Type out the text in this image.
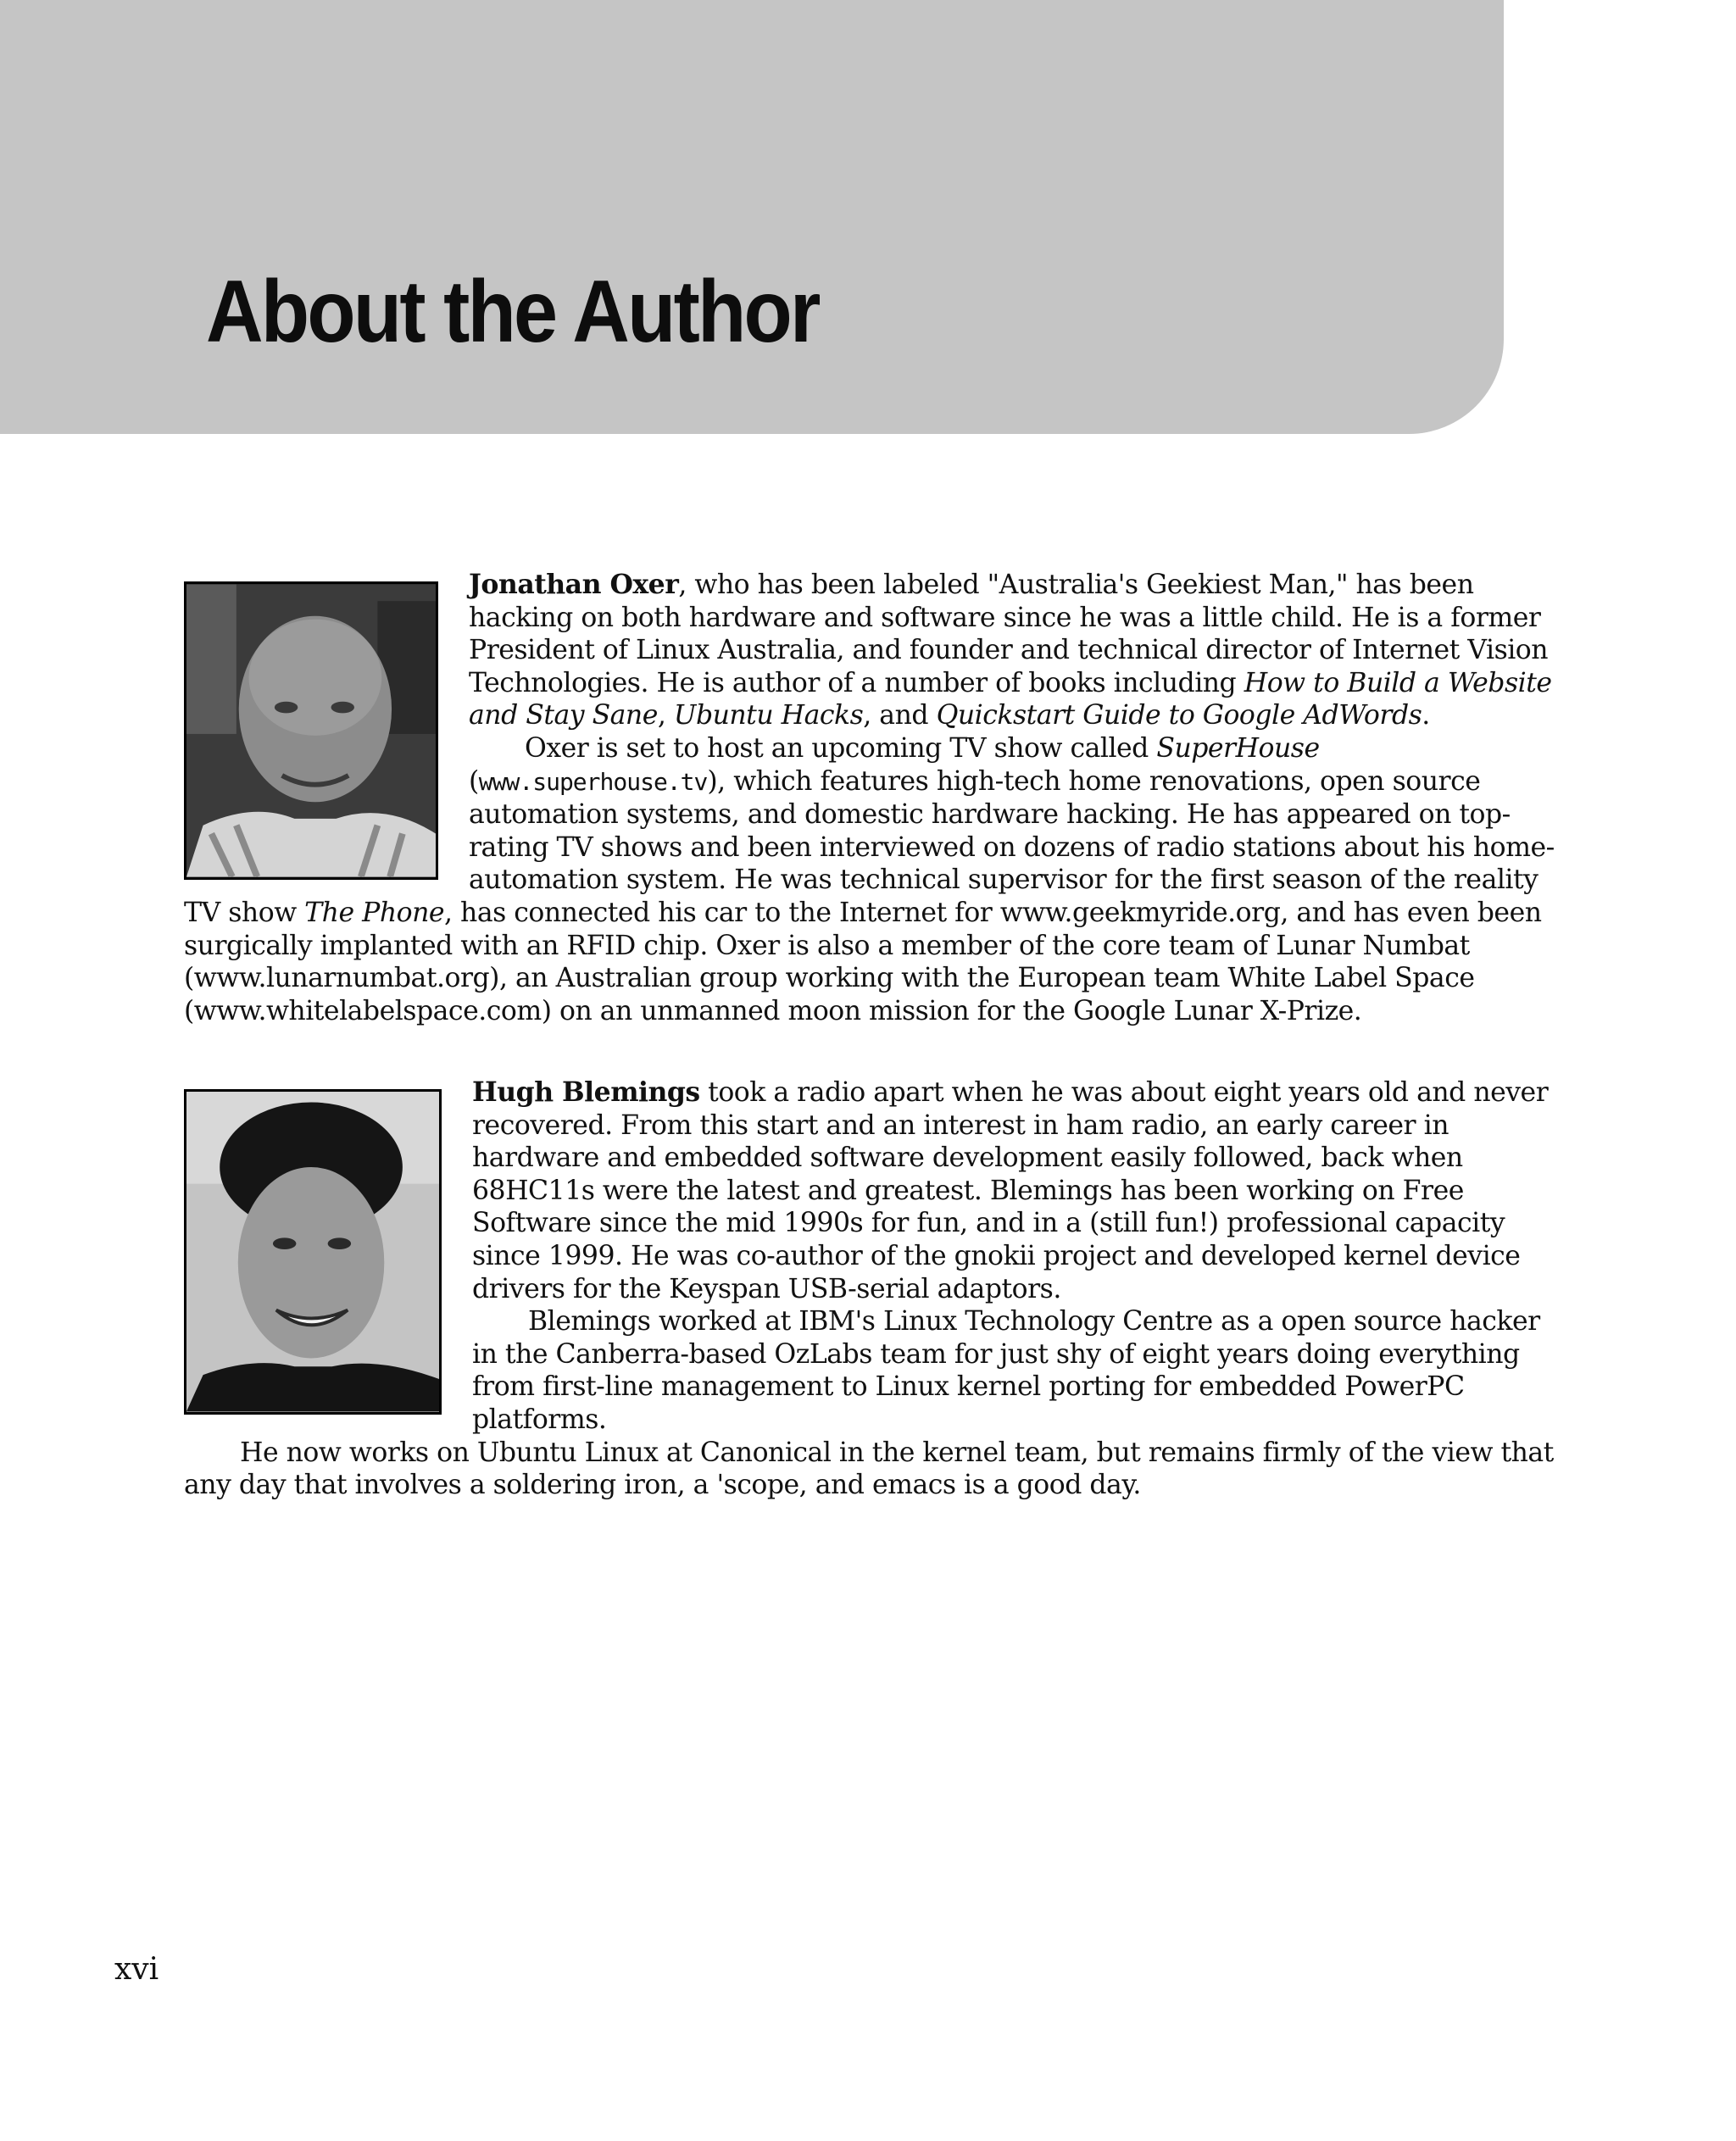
About the Author

Jonathan Oxer, who has been labeled "Australia's Geekiest Man," has been hacking on both hardware and software since he was a little child. He is a former President of Linux Australia, and founder and technical director of Internet Vision Technologies. He is author of a number of books including How to Build a Website and Stay Sane, Ubuntu Hacks, and Quickstart Guide to Google AdWords.

Oxer is set to host an upcoming TV show called SuperHouse (www.superhouse.tv), which features high-tech home renovations, open source automation systems, and domestic hardware hacking. He has appeared on top-rating TV shows and been interviewed on dozens of radio stations about his home-automation system. He was technical supervisor for the first season of the reality TV show The Phone, has connected his car to the Internet for www.geekmyride.org, and has even been surgically implanted with an RFID chip. Oxer is also a member of the core team of Lunar Numbat (www.lunarnumbat.org), an Australian group working with the European team White Label Space (www.whitelabelspace.com) on an unmanned moon mission for the Google Lunar X-Prize.

Hugh Blemings took a radio apart when he was about eight years old and never recovered. From this start and an interest in ham radio, an early career in hardware and embedded software development easily followed, back when 68HC11s were the latest and greatest. Blemings has been working on Free Software since the mid 1990s for fun, and in a (still fun!) professional capacity since 1999. He was co-author of the gnokii project and developed kernel device drivers for the Keyspan USB-serial adaptors.

Blemings worked at IBM's Linux Technology Centre as a open source hacker in the Canberra-based OzLabs team for just shy of eight years doing everything from first-line management to Linux kernel porting for embedded PowerPC platforms.

He now works on Ubuntu Linux at Canonical in the kernel team, but remains firmly of the view that any day that involves a soldering iron, a 'scope, and emacs is a good day.

xvi
